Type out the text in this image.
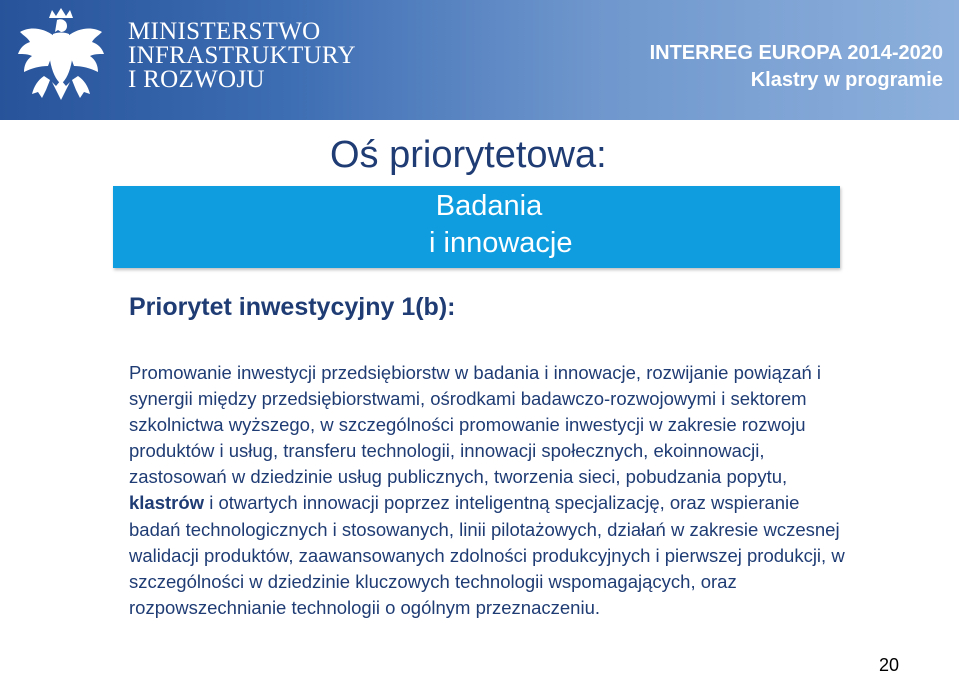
MINISTERSTWO
INFRASTRUKTURY
I ROZWOJU
INTERREG EUROPA 2014-2020
Klastry w programie
Oś priorytetowa:
Badania
i innowacje
Priorytet inwestycyjny 1(b):
Promowanie inwestycji przedsiębiorstw w badania i innowacje, rozwijanie powiązań i synergii między przedsiębiorstwami, ośrodkami badawczo-rozwojowymi i sektorem szkolnictwa wyższego, w szczególności promowanie inwestycji w zakresie rozwoju produktów i usług, transferu technologii, innowacji społecznych, ekoinnowacji, zastosowań w dziedzinie usług publicznych, tworzenia sieci, pobudzania popytu, klastrów i otwartych innowacji poprzez inteligentną specjalizację, oraz wspieranie badań technologicznych i stosowanych, linii pilotażowych, działań w zakresie wczesnej walidacji produktów, zaawansowanych zdolności produkcyjnych i pierwszej produkcji, w szczególności w dziedzinie kluczowych technologii wspomagających, oraz rozpowszechnianie technologii o ogólnym przeznaczeniu.
20
